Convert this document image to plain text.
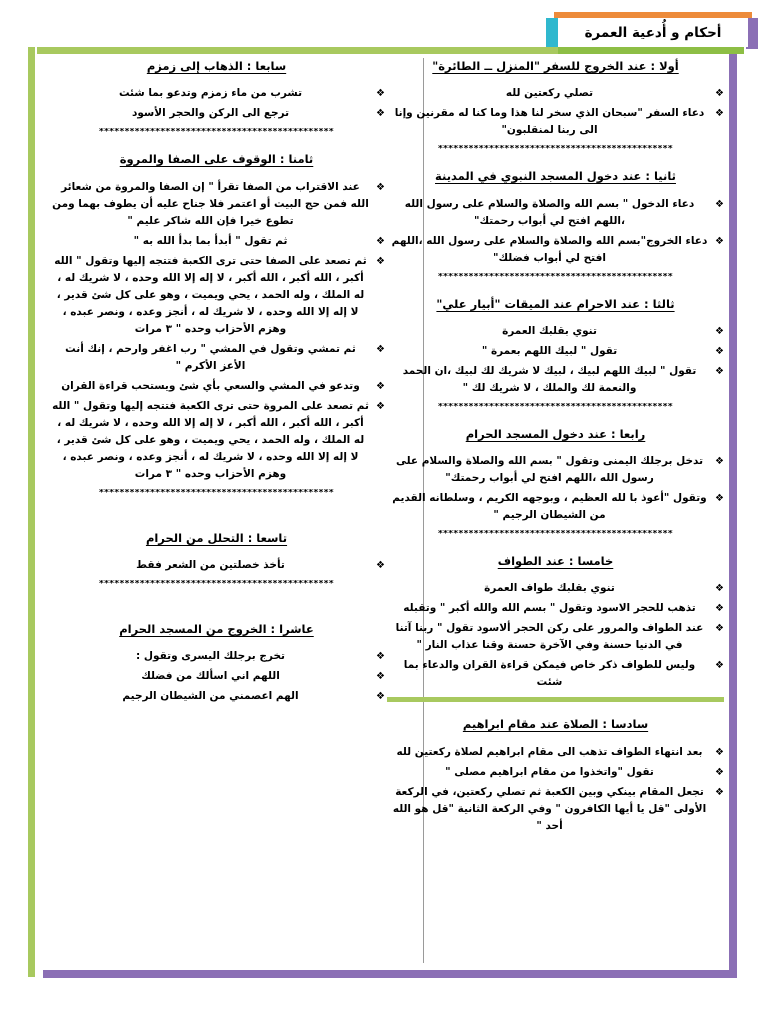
أحكام و أُدعية العمرة
أولا : عند الخروج للسفر "المنزل ــ الطائرة"
❖
تصلي ركعتين لله
❖
دعاء السفر "سبحان الذي سخر لنا هذا وما كنا له مقرنين وإنا الى ربنا لمنقلبون"
**********************************************
ثانيا : عند دخول المسجد النبوي في المدينة
❖
دعاء الدخول " بسم الله والصلاة والسلام على رسول الله ،اللهم افتح لي أبواب رحمتك"
❖
دعاء الخروج"بسم الله والصلاة والسلام على رسول الله ،اللهم افتح لي أبواب فضلك"
**********************************************
ثالثا : عند الاحرام عند الميقات "أبيار علي"
❖
تنوي بقلبك العمرة
❖
تقول " لبيك اللهم بعمرة "
❖
تقول " لبيك اللهم لبيك ، لبيك لا شريك لك لبيك ،ان الحمد والنعمة لك والملك ، لا شريك لك "
**********************************************
رابعا : عند دخول المسجد الحرام
❖
تدخل برجلك اليمنى وتقول " بسم الله والصلاة والسلام على رسول الله ،اللهم افتح لي أبواب رحمتك"
❖
وتقول "أعوذ با لله العظيم ، وبوجهه الكريم ، وسلطانه القديم من الشيطان الرجيم "
**********************************************
خامسا : عند الطواف
❖
تنوي بقلبك طواف العمرة
❖
تذهب للحجر الاسود وتقول " بسم الله والله أكبر " وتقبله
❖
عند الطواف والمرور على ركن الحجر ألاسود تقول " ربنا آتنا في الدنيا حسنة وفي الآخرة حسنة وقنا عذاب النار "
❖
وليس للطواف ذكر خاص فيمكن قراءة القران والدعاء بما شئت
سادسا : الصلاة عند مقام ابراهيم
❖
بعد انتهاء الطواف تذهب الى مقام ابراهيم لصلاة ركعتين لله
❖
تقول "واتخذوا من مقام ابراهيم مصلى "
❖
تجعل المقام بينكي وبين الكعبة ثم تصلي ركعتين، في الركعة الأولى "قل يا أيها الكافرون " وفي الركعة الثانية "قل هو الله أحد "
سابعا : الذهاب إلى زمزم
❖
تشرب من ماء زمزم وتدعو بما شئت
❖
ترجع الى الركن والحجر الأسود
**********************************************
ثامنا : الوقوف على الصفا والمروة
❖
عند الاقتراب من الصفا تقرأ " إن الصفا والمروة من شعائر الله فمن حج البيت أو اعتمر فلا جناح عليه أن يطوف بهما ومن تطوع خيرا فإن الله شاكر عليم "
❖
ثم تقول " أبدأ بما بدأ الله به "
❖
ثم تصعد على الصفا حتى ترى الكعبة فتتجه إليها وتقول " الله أكبر ، الله أكبر ، الله أكبر ، لا إله إلا الله وحده ، لا شريك له ، له الملك ، وله الحمد ، يحي ويميت ، وهو على كل شئ قدير ، لا إله إلا الله وحده ، لا شريك له ، أنجز وعده ، ونصر عبده ، وهزم الأحزاب وحده " ٣ مرات
❖
ثم تمشي وتقول في المشي " رب اغفر وارحم ، إنك أنت الأعز الأكرم "
❖
وتدعو في المشي والسعي بأي شئ ويستحب قراءة القران
❖
ثم تصعد على المروة حتى ترى الكعبة فتتجه إليها وتقول " الله أكبر ، الله أكبر ، الله أكبر ، لا إله إلا الله وحده ، لا شريك له ، له الملك ، وله الحمد ، يحي ويميت ، وهو على كل شئ قدير ، لا إله إلا الله وحده ، لا شريك له ، أنجز وعده ، ونصر عبده ، وهزم الأحزاب وحده " ٣ مرات
**********************************************
تاسعا : التحلل من الحرام
❖
تأخذ خصلتين من الشعر فقط
**********************************************
عاشرا : الخروج من المسجد الحرام
❖
تخرج برجلك اليسرى وتقول :
❖
اللهم اني اسألك من فضلك
❖
الهم اعصمني من الشيطان الرجيم
